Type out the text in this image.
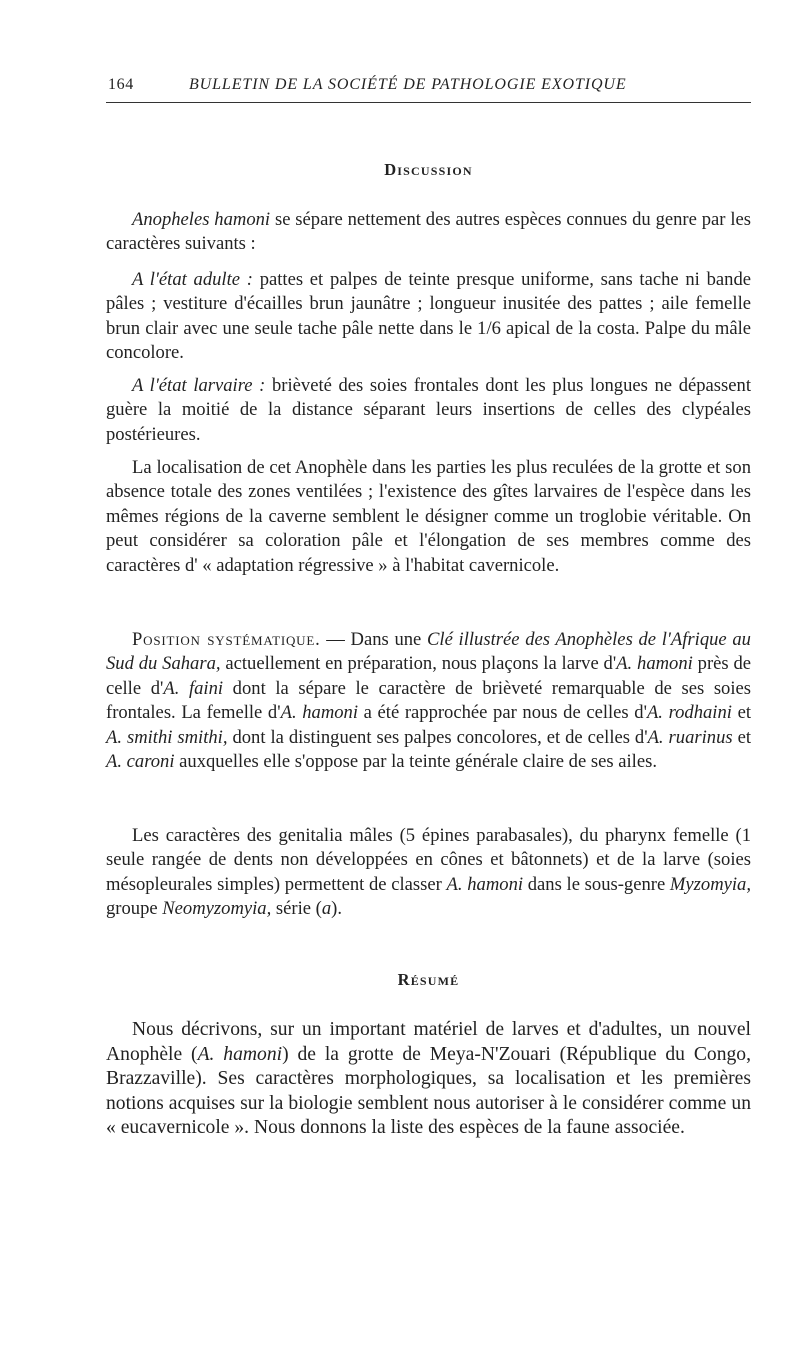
164	BULLETIN DE LA SOCIÉTÉ DE PATHOLOGIE EXOTIQUE
Discussion

Anopheles hamoni se sépare nettement des autres espèces connues du genre par les caractères suivants :

A l'état adulte : pattes et palpes de teinte presque uniforme, sans tache ni bande pâles ; vestiture d'écailles brun jaunâtre ; longueur inusitée des pattes ; aile femelle brun clair avec une seule tache pâle nette dans le 1/6 apical de la costa. Palpe du mâle concolore.

A l'état larvaire : brièveté des soies frontales dont les plus longues ne dépassent guère la moitié de la distance séparant leurs insertions de celles des clypéales postérieures.

La localisation de cet Anophèle dans les parties les plus reculées de la grotte et son absence totale des zones ventilées ; l'existence des gîtes larvaires de l'espèce dans les mêmes régions de la caverne semblent le désigner comme un troglobie véritable. On peut considérer sa coloration pâle et l'élongation de ses membres comme des caractères d' « adaptation régressive » à l'habitat cavernicole.

Position systématique. — Dans une Clé illustrée des Anophèles de l'Afrique au Sud du Sahara, actuellement en préparation, nous plaçons la larve d'A. hamoni près de celle d'A. faini dont la sépare le caractère de brièveté remarquable de ses soies frontales. La femelle d'A. hamoni a été rapprochée par nous de celles d'A. rodhaini et A. smithi smithi, dont la distinguent ses palpes concolores, et de celles d'A. ruarinus et A. caroni auxquelles elle s'oppose par la teinte générale claire de ses ailes.

Les caractères des genitalia mâles (5 épines parabasales), du pharynx femelle (1 seule rangée de dents non développées en cônes et bâtonnets) et de la larve (soies mésopleurales simples) permettent de classer A. hamoni dans le sous-genre Myzomyia, groupe Neomyzomyia, série (a).

Résumé

Nous décrivons, sur un important matériel de larves et d'adultes, un nouvel Anophèle (A. hamoni) de la grotte de Meya-N'Zouari (République du Congo, Brazzaville). Ses caractères morphologiques, sa localisation et les premières notions acquises sur la biologie semblent nous autoriser à le considérer comme un « eucavernicole ». Nous donnons la liste des espèces de la faune associée.
